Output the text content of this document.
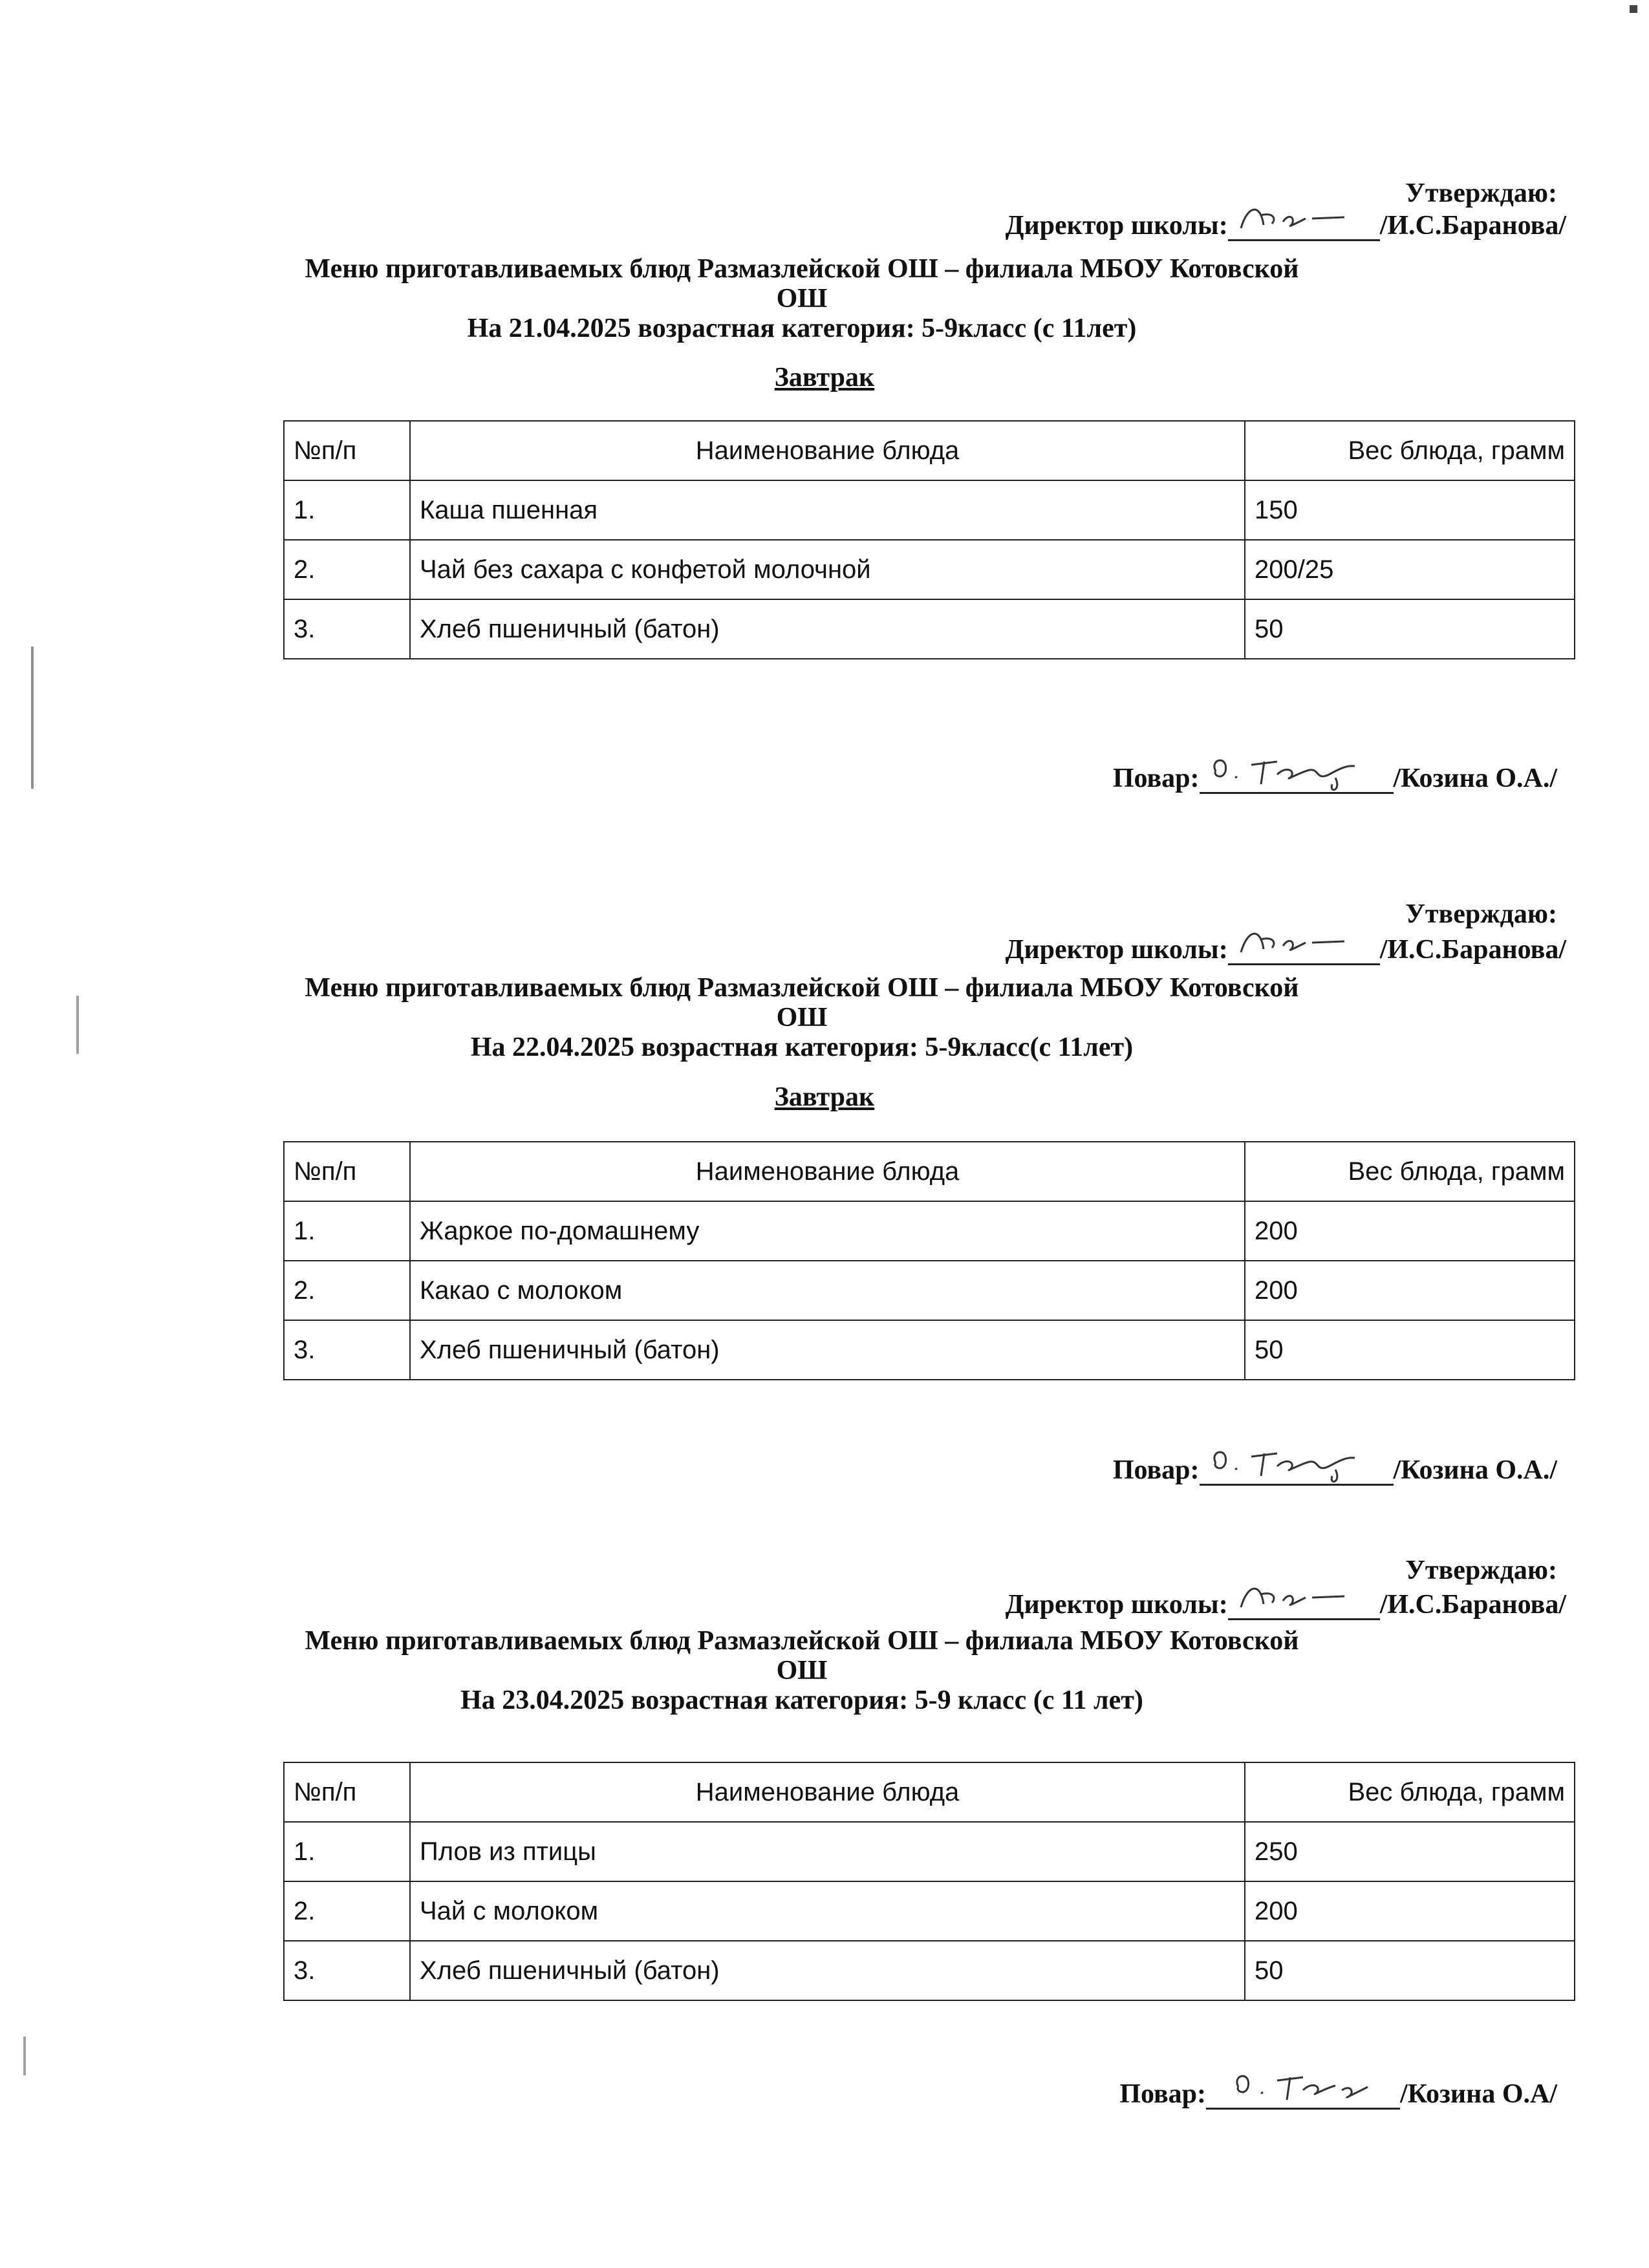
Утверждаю:
Директор школы:	/И.С.Баранова/
Меню приготавливаемых блюд Размазлейской ОШ – филиала МБОУ Котовской
ОШ
На 21.04.2025 возрастная категория: 5-9класс (с 11лет)
Завтрак
№п/п	Наименование блюда	Вес блюда, грамм
1.	Каша пшенная	150
2.	Чай без сахара с конфетой молочной	200/25
3.	Хлеб пшеничный (батон)	50
Повар:	/Козина О.А./
Утверждаю:
Директор школы:	/И.С.Баранова/
Меню приготавливаемых блюд Размазлейской ОШ – филиала МБОУ Котовской
ОШ
На 22.04.2025 возрастная категория: 5-9класс(с 11лет)
Завтрак
№п/п	Наименование блюда	Вес блюда, грамм
1.	Жаркое по-домашнему	200
2.	Какао с молоком	200
3.	Хлеб пшеничный (батон)	50
Повар:	/Козина О.А./
Утверждаю:
Директор школы:	/И.С.Баранова/
Меню приготавливаемых блюд Размазлейской ОШ – филиала МБОУ Котовской
ОШ
На 23.04.2025 возрастная категория: 5-9 класс (с 11 лет)
№п/п	Наименование блюда	Вес блюда, грамм
1.	Плов из птицы	250
2.	Чай с молоком	200
3.	Хлеб пшеничный (батон)	50
Повар:	/Козина О.А/
